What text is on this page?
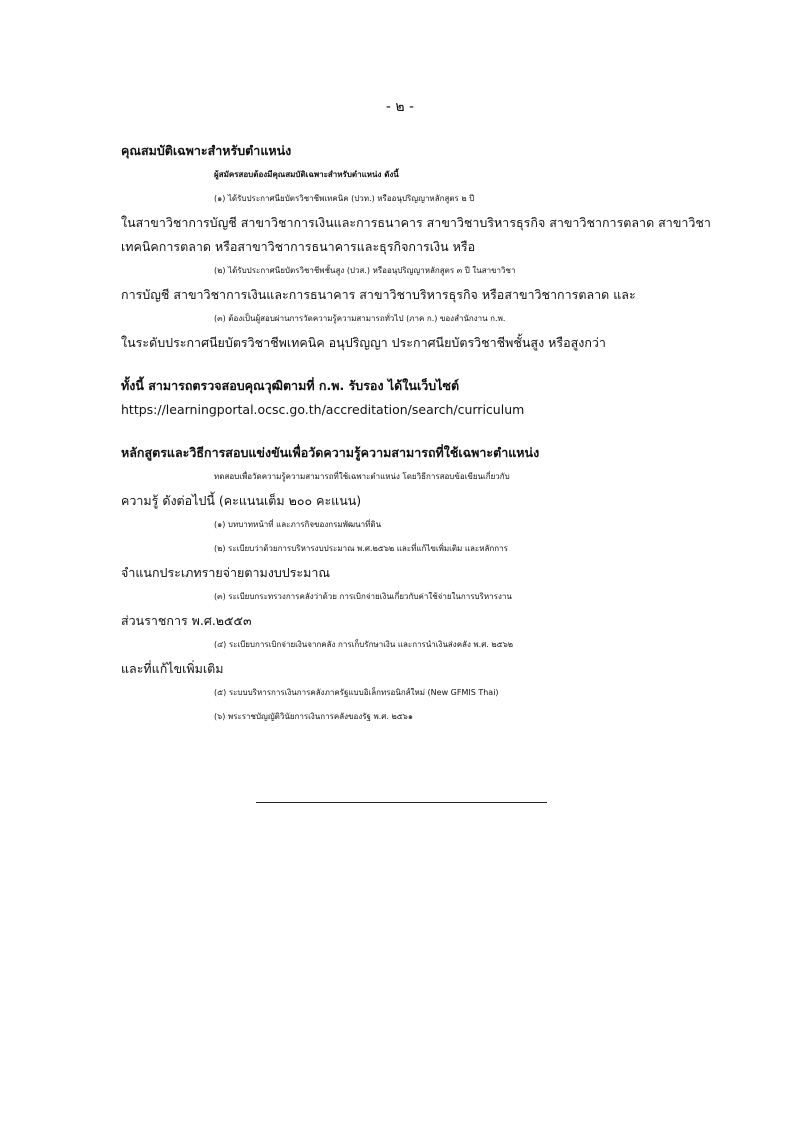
- ๒ -
คุณสมบัติเฉพาะสำหรับตำแหน่ง
ผู้สมัครสอบต้องมีคุณสมบัติเฉพาะสำหรับตำแหน่ง ดังนี้
(๑) ได้รับประกาศนียบัตรวิชาชีพเทคนิค (ปวท.) หรืออนุปริญญาหลักสูตร ๒ ปี
ในสาขาวิชาการบัญชี สาขาวิชาการเงินและการธนาคาร สาขาวิชาบริหารธุรกิจ สาขาวิชาการตลาด สาขาวิชา
เทคนิคการตลาด หรือสาขาวิชาการธนาคารและธุรกิจการเงิน หรือ
(๒) ได้รับประกาศนียบัตรวิชาชีพชั้นสูง (ปวส.) หรืออนุปริญญาหลักสูตร ๓ ปี ในสาขาวิชา
การบัญชี สาขาวิชาการเงินและการธนาคาร สาขาวิชาบริหารธุรกิจ หรือสาขาวิชาการตลาด และ
(๓) ต้องเป็นผู้สอบผ่านการวัดความรู้ความสามารถทั่วไป (ภาค ก.) ของสำนักงาน ก.พ.
ในระดับประกาศนียบัตรวิชาชีพเทคนิค อนุปริญญา ประกาศนียบัตรวิชาชีพชั้นสูง หรือสูงกว่า
ทั้งนี้ สามารถตรวจสอบคุณวุฒิตามที่ ก.พ. รับรอง ได้ในเว็บไซต์
https://learningportal.ocsc.go.th/accreditation/search/curriculum
หลักสูตรและวิธีการสอบแข่งขันเพื่อวัดความรู้ความสามารถที่ใช้เฉพาะตำแหน่ง
ทดสอบเพื่อวัดความรู้ความสามารถที่ใช้เฉพาะตำแหน่ง โดยวิธีการสอบข้อเขียนเกี่ยวกับ
ความรู้ ดังต่อไปนี้ (คะแนนเต็ม ๒๐๐ คะแนน)
(๑) บทบาทหน้าที่ และภารกิจของกรมพัฒนาที่ดิน
(๒) ระเบียบว่าด้วยการบริหารงบประมาณ พ.ศ.๒๕๖๒ และที่แก้ไขเพิ่มเติม และหลักการ
จำแนกประเภทรายจ่ายตามงบประมาณ
(๓) ระเบียบกระทรวงการคลังว่าด้วย การเบิกจ่ายเงินเกี่ยวกับค่าใช้จ่ายในการบริหารงาน
ส่วนราชการ พ.ศ.๒๕๕๓
(๔) ระเบียบการเบิกจ่ายเงินจากคลัง การเก็บรักษาเงิน และการนำเงินส่งคลัง พ.ศ. ๒๕๖๒
และที่แก้ไขเพิ่มเติม
(๕) ระบบบริหารการเงินการคลังภาครัฐแบบอิเล็กทรอนิกส์ใหม่ (New GFMIS Thai)
(๖) พระราชบัญญัติวินัยการเงินการคลังของรัฐ พ.ศ. ๒๕๖๑
